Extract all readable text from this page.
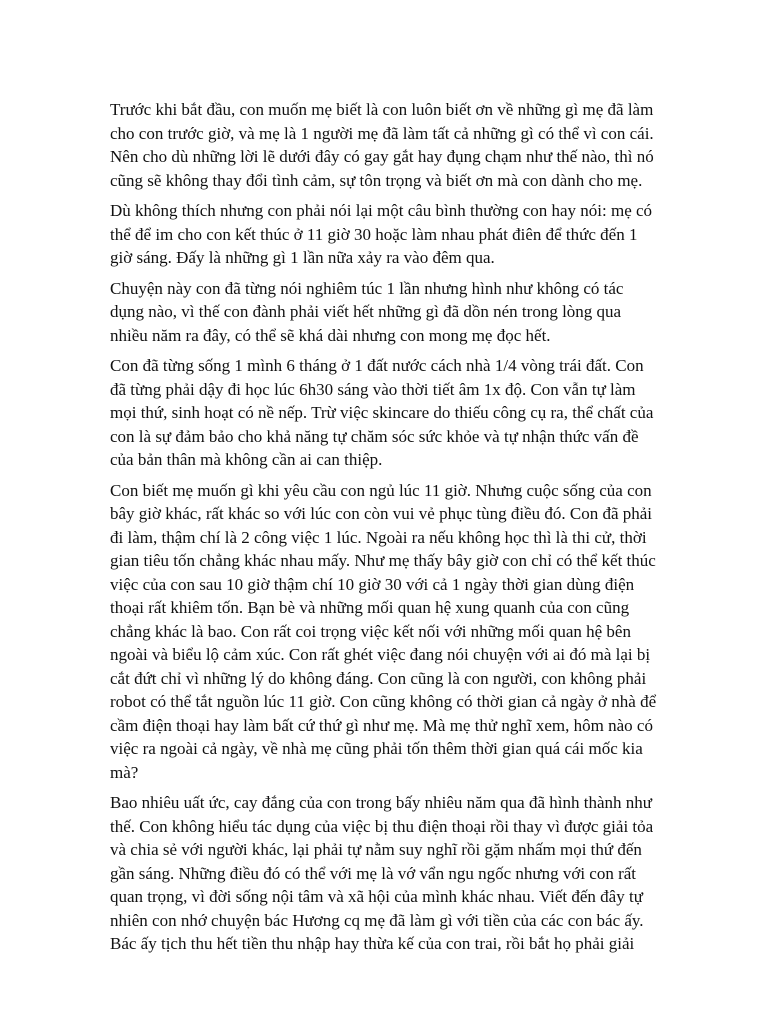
Trước khi bắt đầu, con muốn mẹ biết là con luôn biết ơn về những gì mẹ đã làm
cho con trước giờ, và mẹ là 1 người mẹ đã làm tất cả những gì có thể vì con cái.
Nên cho dù những lời lẽ dưới đây có gay gắt hay đụng chạm như thế nào, thì nó
cũng sẽ không thay đổi tình cảm, sự tôn trọng và biết ơn mà con dành cho mẹ.

Dù không thích nhưng con phải nói lại một câu bình thường con hay nói: mẹ có
thể để im cho con kết thúc ở 11 giờ 30 hoặc làm nhau phát điên để thức đến 1
giờ sáng. Đấy là những gì 1 lần nữa xảy ra vào đêm qua.

Chuyện này con đã từng nói nghiêm túc 1 lần nhưng hình như không có tác
dụng nào, vì thế con đành phải viết hết những gì đã dồn nén trong lòng qua
nhiều năm ra đây, có thể sẽ khá dài nhưng con mong mẹ đọc hết.

Con đã từng sống 1 mình 6 tháng ở 1 đất nước cách nhà 1/4 vòng trái đất. Con
đã từng phải dậy đi học lúc 6h30 sáng vào thời tiết âm 1x độ. Con vẫn tự làm
mọi thứ, sinh hoạt có nề nếp. Trừ việc skincare do thiếu công cụ ra, thể chất của
con là sự đảm bảo cho khả năng tự chăm sóc sức khỏe và tự nhận thức vấn đề
của bản thân mà không cần ai can thiệp.

Con biết mẹ muốn gì khi yêu cầu con ngủ lúc 11 giờ. Nhưng cuộc sống của con
bây giờ khác, rất khác so với lúc con còn vui vẻ phục tùng điều đó. Con đã phải
đi làm, thậm chí là 2 công việc 1 lúc. Ngoài ra nếu không học thì là thi cử, thời
gian tiêu tốn chẳng khác nhau mấy. Như mẹ thấy bây giờ con chỉ có thể kết thúc
việc của con sau 10 giờ thậm chí 10 giờ 30 với cả 1 ngày thời gian dùng điện
thoại rất khiêm tốn. Bạn bè và những mối quan hệ xung quanh của con cũng
chẳng khác là bao. Con rất coi trọng việc kết nối với những mối quan hệ bên
ngoài và biểu lộ cảm xúc. Con rất ghét việc đang nói chuyện với ai đó mà lại bị
cắt đứt chỉ vì những lý do không đáng. Con cũng là con người, con không phải
robot có thể tắt nguồn lúc 11 giờ. Con cũng không có thời gian cả ngày ở nhà để
cầm điện thoại hay làm bất cứ thứ gì như mẹ. Mà mẹ thử nghĩ xem, hôm nào có
việc ra ngoài cả ngày, về nhà mẹ cũng phải tốn thêm thời gian quá cái mốc kia
mà?

Bao nhiêu uất ức, cay đắng của con trong bấy nhiêu năm qua đã hình thành như
thế. Con không hiểu tác dụng của việc bị thu điện thoại rồi thay vì được giải tỏa
và chia sẻ với người khác, lại phải tự nằm suy nghĩ rồi gặm nhấm mọi thứ đến
gần sáng. Những điều đó có thể với mẹ là vớ vẩn ngu ngốc nhưng với con rất
quan trọng, vì đời sống nội tâm và xã hội của mình khác nhau. Viết đến đây tự
nhiên con nhớ chuyện bác Hương cq mẹ đã làm gì với tiền của các con bác ấy.
Bác ấy tịch thu hết tiền thu nhập hay thừa kế của con trai, rồi bắt họ phải giải
